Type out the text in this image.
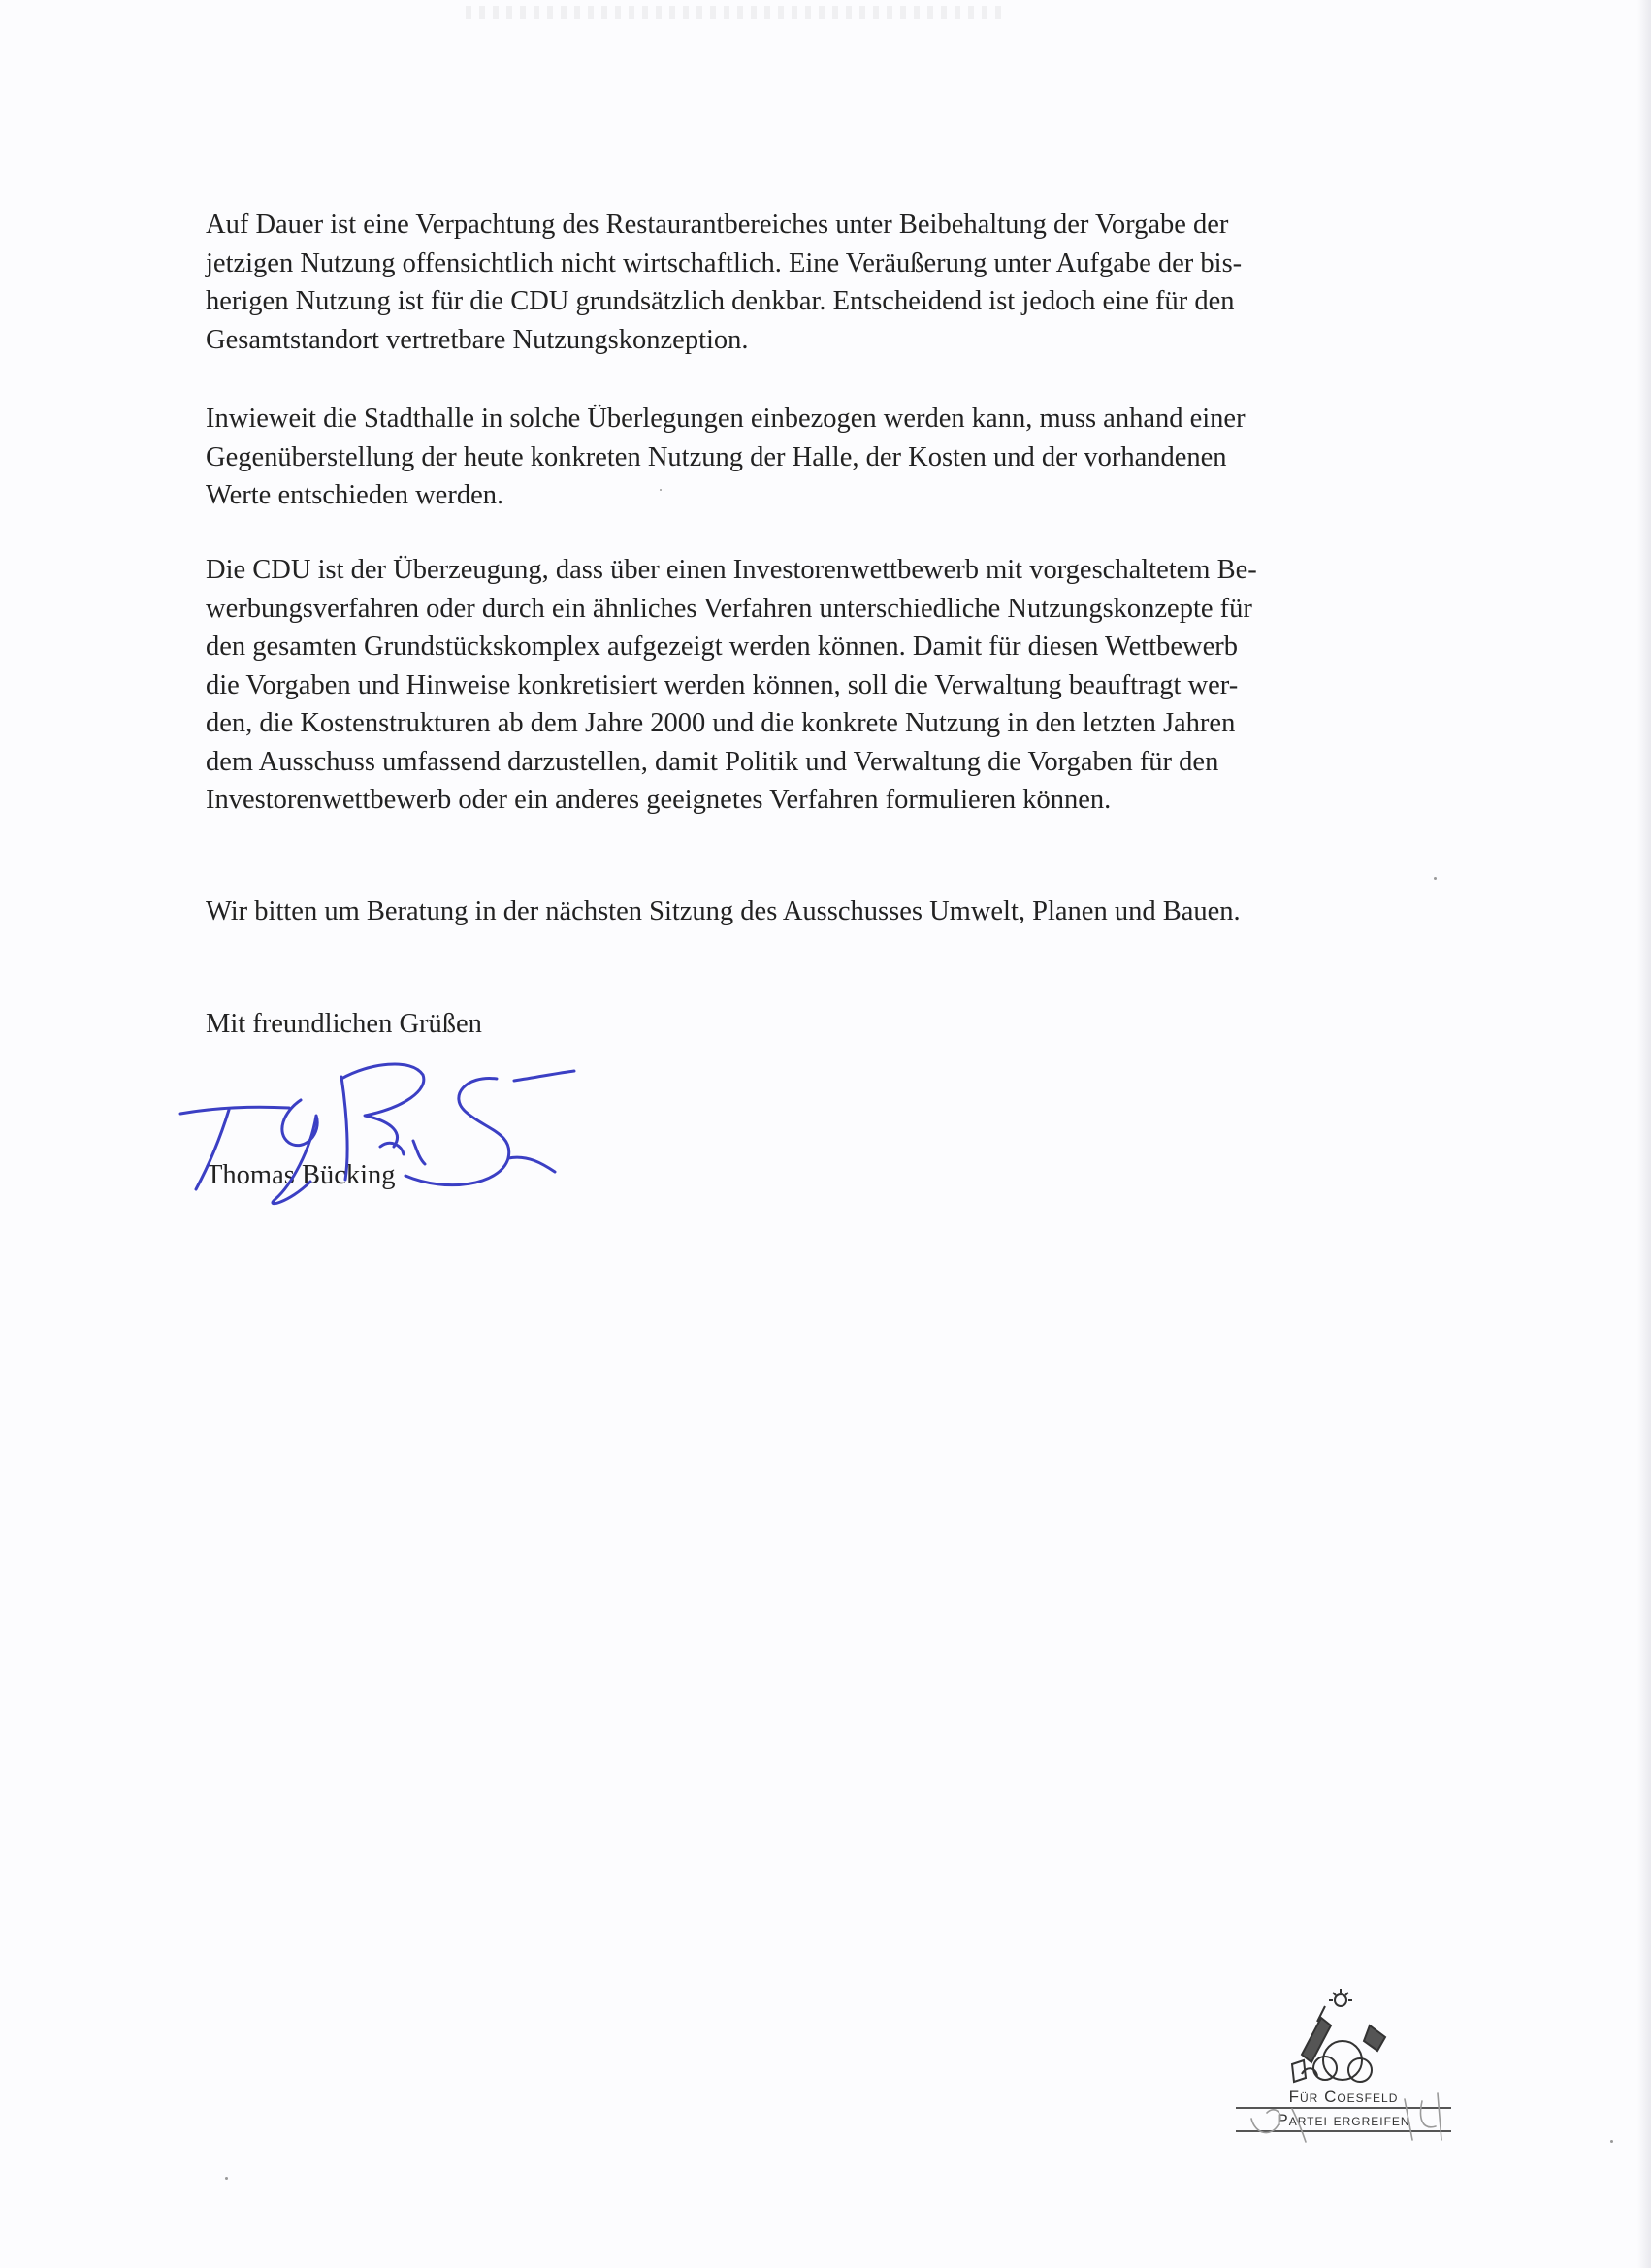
Auf Dauer ist eine Verpachtung des Restaurantbereiches unter Beibehaltung der Vorgabe der
jetzigen Nutzung offensichtlich nicht wirtschaftlich. Eine Veräußerung unter Aufgabe der bis-
herigen Nutzung ist für die CDU grundsätzlich denkbar. Entscheidend ist jedoch eine für den
Gesamtstandort vertretbare Nutzungskonzeption.

Inwieweit die Stadthalle in solche Überlegungen einbezogen werden kann, muss anhand einer
Gegenüberstellung der heute konkreten Nutzung der Halle, der Kosten und der vorhandenen
Werte entschieden werden.

Die CDU ist der Überzeugung, dass über einen Investorenwettbewerb mit vorgeschaltetem Be-
werbungsverfahren oder durch ein ähnliches Verfahren unterschiedliche Nutzungskonzepte für
den gesamten Grundstückskomplex aufgezeigt werden können. Damit für diesen Wettbewerb
die Vorgaben und Hinweise konkretisiert werden können, soll die Verwaltung beauftragt wer-
den, die Kostenstrukturen ab dem Jahre 2000 und die konkrete Nutzung in den letzten Jahren
dem Ausschuss umfassend darzustellen, damit Politik und Verwaltung die Vorgaben für den
Investorenwettbewerb oder ein anderes geeignetes Verfahren formulieren können.

Wir bitten um Beratung in der nächsten Sitzung des Ausschusses Umwelt, Planen und Bauen.

Mit freundlichen Grüßen
Thomas Bücking
Für Coesfeld
Partei ergreifen
